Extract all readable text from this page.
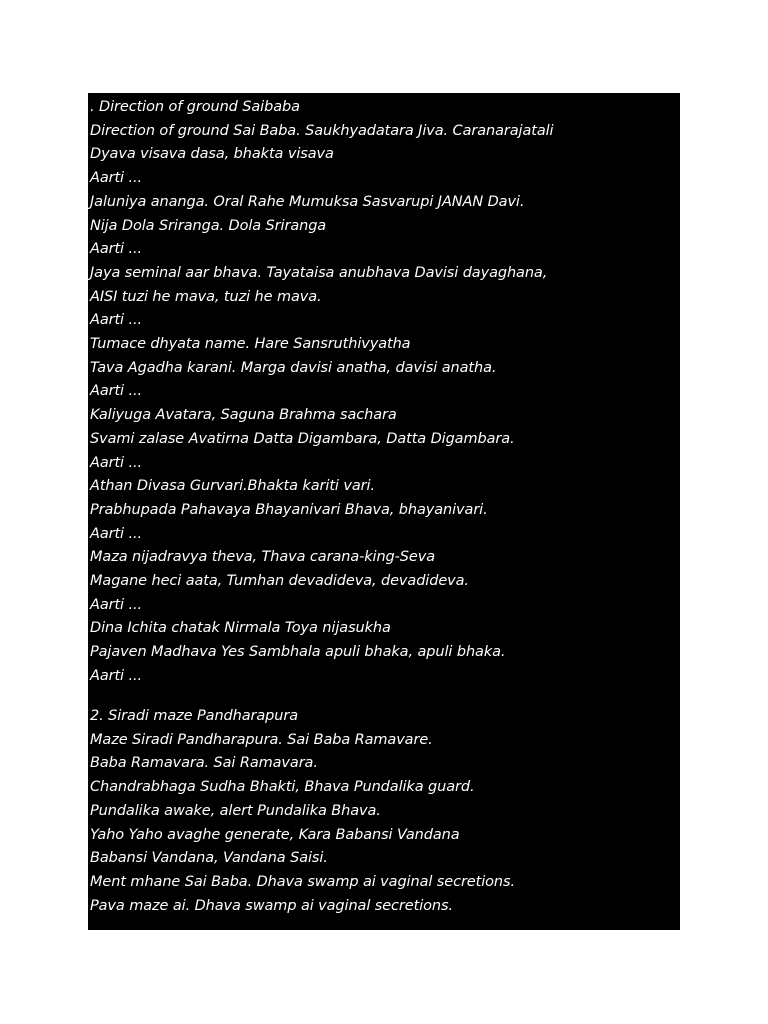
. Direction of ground Saibaba
Direction of ground Sai Baba. Saukhyadatara Jiva. Caranarajatali
Dyava visava dasa, bhakta visava
Aarti ...
Jaluniya ananga. Oral Rahe Mumuksa Sasvarupi JANAN Davi.
Nija Dola Sriranga. Dola Sriranga
Aarti ...
Jaya seminal aar bhava. Tayataisa anubhava Davisi dayaghana,
AISI tuzi he mava, tuzi he mava.
Aarti ...
Tumace dhyata name. Hare Sansruthivyatha
Tava Agadha karani. Marga davisi anatha, davisi anatha.
Aarti ...
Kaliyuga Avatara, Saguna Brahma sachara
Svami zalase Avatirna Datta Digambara, Datta Digambara.
Aarti ...
Athan Divasa Gurvari.Bhakta kariti vari.
Prabhupada Pahavaya Bhayanivari Bhava, bhayanivari.
Aarti ...
Maza nijadravya theva, Thava carana-king-Seva
Magane heci aata, Tumhan devadideva, devadideva.
Aarti ...
Dina Ichita chatak Nirmala Toya nijasukha
Pajaven Madhava Yes Sambhala apuli bhaka, apuli bhaka.
Aarti ...
2. Siradi maze Pandharapura
Maze Siradi Pandharapura. Sai Baba Ramavare.
Baba Ramavara. Sai Ramavara.
Chandrabhaga Sudha Bhakti, Bhava Pundalika guard.
Pundalika awake, alert Pundalika Bhava.
Yaho Yaho avaghe generate, Kara Babansi Vandana
Babansi Vandana, Vandana Saisi.
Ment mhane Sai Baba. Dhava swamp ai vaginal secretions.
Pava maze ai. Dhava swamp ai vaginal secretions.
